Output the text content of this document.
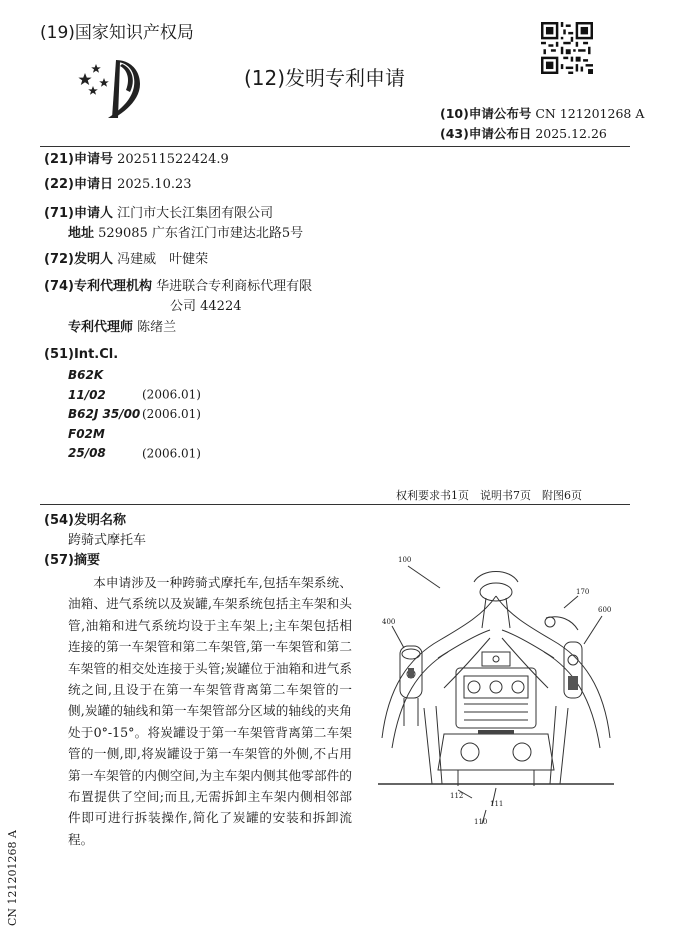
(19)国家知识产权局
(12)发明专利申请
(10)申请公布号 CN 121201268 A
(43)申请公布日 2025.12.26
(21)申请号 202511522424.9
(22)申请日 2025.10.23
(71)申请人 江门市大长江集团有限公司
地址 529085 广东省江门市建达北路5号
(72)发明人 冯建威　叶健荣
(74)专利代理机构 华进联合专利商标代理有限
公司 44224
专利代理师 陈绪兰
(51)Int.Cl.
B62K 11/02	(2006.01)
B62J 35/00 (2006.01)
F02M 25/08	(2006.01)
权利要求书1页　说明书7页　附图6页
(54)发明名称
跨骑式摩托车
(57)摘要
本申请涉及一种跨骑式摩托车,包括车架系统、油箱、进气系统以及炭罐,车架系统包括主车架和头管,油箱和进气系统均设于主车架上;主车架包括相连接的第一车架管和第二车架管,第一车架管和第二车架管的相交处连接于头管;炭罐位于油箱和进气系统之间,且设于在第一车架管背离第二车架管的一侧,炭罐的轴线和第一车架管部分区域的轴线的夹角处于0°-15°。将炭罐设于第一车架管背离第二车架管的一侧,即,将炭罐设于第一车架管的外侧,不占用第一车架管的内侧空间,为主车架内侧其他零部件的布置提供了空间;而且,无需拆卸主车架内侧相邻部件即可进行拆装操作,简化了炭罐的安装和拆卸流程。
100
170
400
600
112
111
110
CN 121201268 A
